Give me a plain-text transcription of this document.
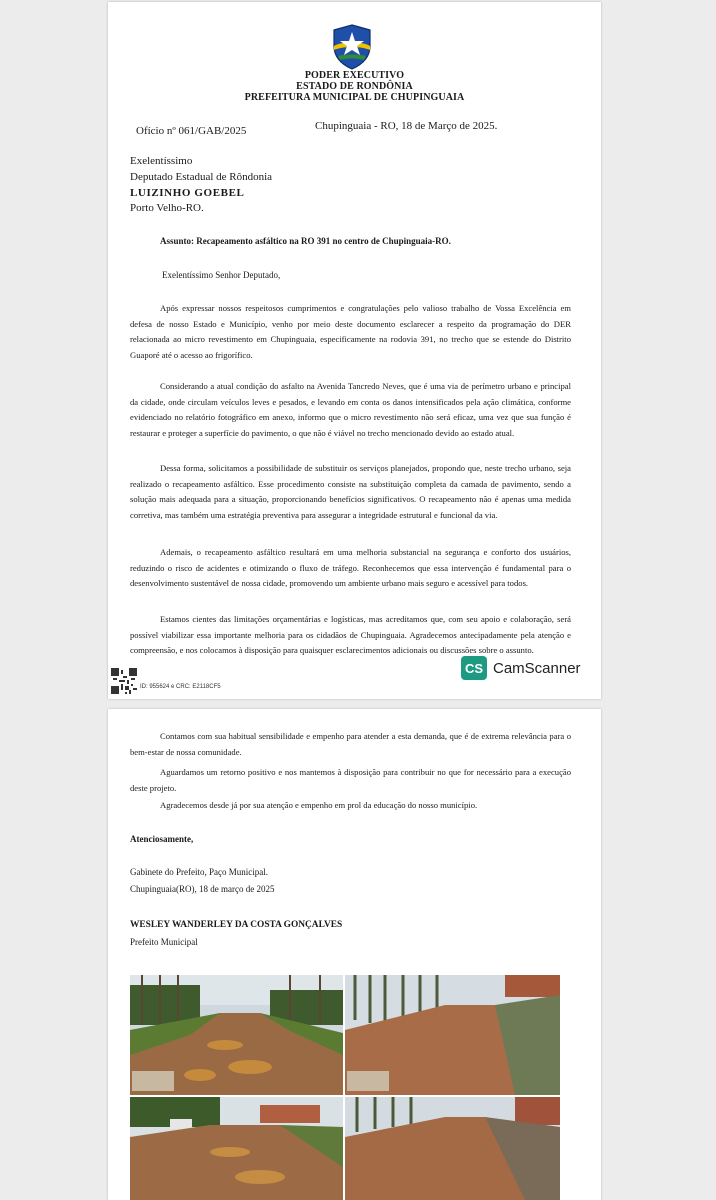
PODER EXECUTIVO
ESTADO DE RONDÔNIA
PREFEITURA MUNICIPAL DE CHUPINGUAIA
Ofício nº 061/GAB/2025	Chupinguaia - RO, 18 de Março de 2025.
Exelentíssimo
Deputado Estadual de Rôndonia
LUIZINHO GOEBEL
Porto Velho-RO.
Assunto: Recapeamento asfáltico na RO 391 no centro de Chupinguaia-RO.
Exelentíssimo Senhor Deputado,
Após expressar nossos respeitosos cumprimentos e congratulações pelo valioso trabalho de Vossa Excelência em defesa de nosso Estado e Município, venho por meio deste documento esclarecer a respeito da programação do DER relacionada ao micro revestimento em Chupinguaia, especificamente na rodovia 391, no trecho que se estende do Distrito Guaporé até o acesso ao frigorífico.
Considerando a atual condição do asfalto na Avenida Tancredo Neves, que é uma via de perímetro urbano e principal da cidade, onde circulam veículos leves e pesados, e levando em conta os danos intensificados pela ação climática, conforme evidenciado no relatório fotográfico em anexo, informo que o micro revestimento não será eficaz, uma vez que sua função é restaurar e proteger a superfície do pavimento, o que não é viável no trecho mencionado devido ao estado atual.
Dessa forma, solicitamos a possibilidade de substituir os serviços planejados, propondo que, neste trecho urbano, seja realizado o recapeamento asfáltico. Esse procedimento consiste na substituição completa da camada de pavimento, sendo a solução mais adequada para a situação, proporcionando benefícios significativos. O recapeamento não é apenas uma medida corretiva, mas também uma estratégia preventiva para assegurar a integridade estrutural e funcional da via.
Ademais, o recapeamento asfáltico resultará em uma melhoria substancial na segurança e conforto dos usuários, reduzindo o risco de acidentes e otimizando o fluxo de tráfego. Reconhecemos que essa intervenção é fundamental para o desenvolvimento sustentável de nossa cidade, promovendo um ambiente urbano mais seguro e acessível para todos.
Estamos cientes das limitações orçamentárias e logísticas, mas acreditamos que, com seu apoio e colaboração, será possível viabilizar essa importante melhoria para os cidadãos de Chupinguaia. Agradecemos antecipadamente pela atenção e compreensão, e nos colocamos à disposição para quaisquer esclarecimentos adicionais ou discussões sobre o assunto.
CS CamScanner
ID: 955624 e CRC: E2118CF5
Contamos com sua habitual sensibilidade e empenho para atender a esta demanda, que é de extrema relevância para o bem-estar de nossa comunidade.
Aguardamos um retorno positivo e nos mantemos à disposição para contribuir no que for necessário para a execução deste projeto.
Agradecemos desde já por sua atenção e empenho em prol da educação do nosso município.
Atenciosamente,
Gabinete do Prefeito, Paço Municipal.
Chupinguaia(RO), 18 de março de 2025
WESLEY WANDERLEY DA COSTA GONÇALVES
Prefeito Municipal
